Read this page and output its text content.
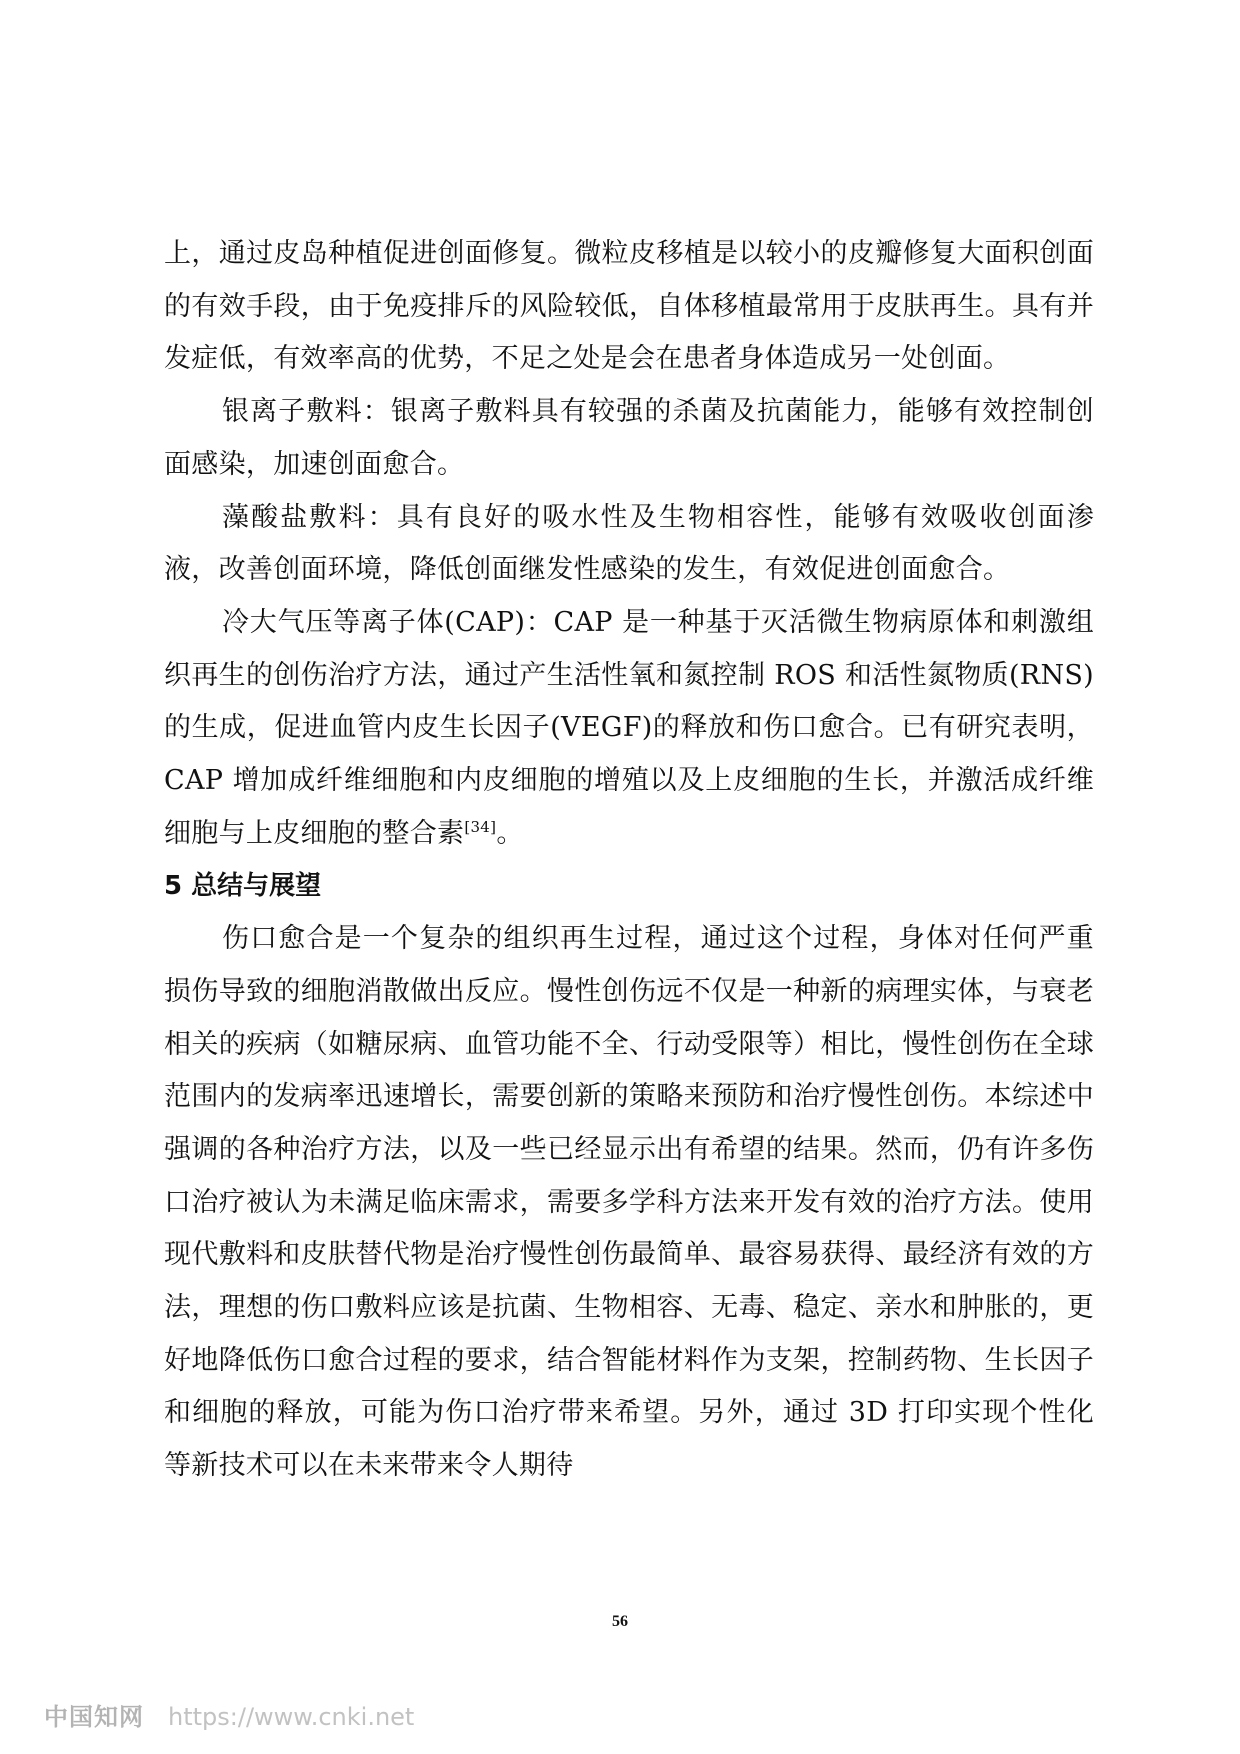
上，通过皮岛种植促进创面修复。微粒皮移植是以较小的皮瓣修复大面积创面的有效手段，由于免疫排斥的风险较低，自体移植最常用于皮肤再生。具有并发症低，有效率高的优势，不足之处是会在患者身体造成另一处创面。

银离子敷料：银离子敷料具有较强的杀菌及抗菌能力，能够有效控制创面感染，加速创面愈合。

藻酸盐敷料：具有良好的吸水性及生物相容性，能够有效吸收创面渗液，改善创面环境，降低创面继发性感染的发生，有效促进创面愈合。

冷大气压等离子体(CAP)：CAP 是一种基于灭活微生物病原体和刺激组织再生的创伤治疗方法，通过产生活性氧和氮控制 ROS 和活性氮物质(RNS)的生成，促进血管内皮生长因子(VEGF)的释放和伤口愈合。已有研究表明，CAP 增加成纤维细胞和内皮细胞的增殖以及上皮细胞的生长，并激活成纤维细胞与上皮细胞的整合素[34]。

5 总结与展望

伤口愈合是一个复杂的组织再生过程，通过这个过程，身体对任何严重损伤导致的细胞消散做出反应。慢性创伤远不仅是一种新的病理实体，与衰老相关的疾病（如糖尿病、血管功能不全、行动受限等）相比，慢性创伤在全球范围内的发病率迅速增长，需要创新的策略来预防和治疗慢性创伤。本综述中强调的各种治疗方法，以及一些已经显示出有希望的结果。然而，仍有许多伤口治疗被认为未满足临床需求，需要多学科方法来开发有效的治疗方法。使用现代敷料和皮肤替代物是治疗慢性创伤最简单、最容易获得、最经济有效的方法，理想的伤口敷料应该是抗菌、生物相容、无毒、稳定、亲水和肿胀的，更好地降低伤口愈合过程的要求，结合智能材料作为支架，控制药物、生长因子和细胞的释放，可能为伤口治疗带来希望。另外，通过 3D 打印实现个性化等新技术可以在未来带来令人期待

56
中国知网 https://www.cnki.net
